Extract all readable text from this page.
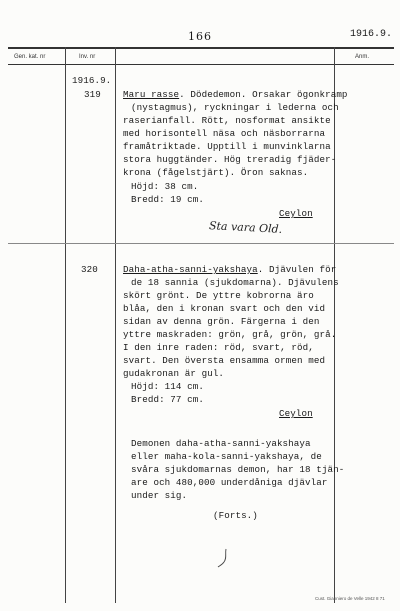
166	1916.9.
Gen. kat. nr	Inv. nr	Anm.
1916.9.
319 Maru rasse. Dödedemon. Orsakar ögonkramp
(nystagmus), ryckningar i lederna och
raserianfall. Rött, nosformat ansikte
med horisontell näsa och näsborrarna
framåtriktade. Upptill i munvinklarna
stora huggtänder. Hög treradig fjäder-
krona (fågelstjärt). Öron saknas.
Höjd: 38 cm.
Bredd: 19 cm.
Ceylon
Sta vara Old.
320	Daha-atha-sanni-yakshaya. Djävulen för
de 18 sannia (sjukdomarna). Djävulens
skört grönt. De yttre kobrorna äro
blåa, den i kronan svart och den vid
sidan av denna grön. Färgerna i den
yttre maskraden: grön, grå, grön, grå.
I den inre raden: röd, svart, röd,
svart. Den översta ensamma ormen med
gudakronan är gul.
Höjd: 114 cm.
Bredd: 77 cm.
Ceylon
Demonen daha-atha-sanni-yakshaya
eller maha-kola-sanni-yakshaya, de
svåra sjukdomarnas demon, har 18 tjän-
are och 480,000 underdåniga djävlar
under sig.
(Forts.)
Cust. Gianniero de Velle 1942 8 71
